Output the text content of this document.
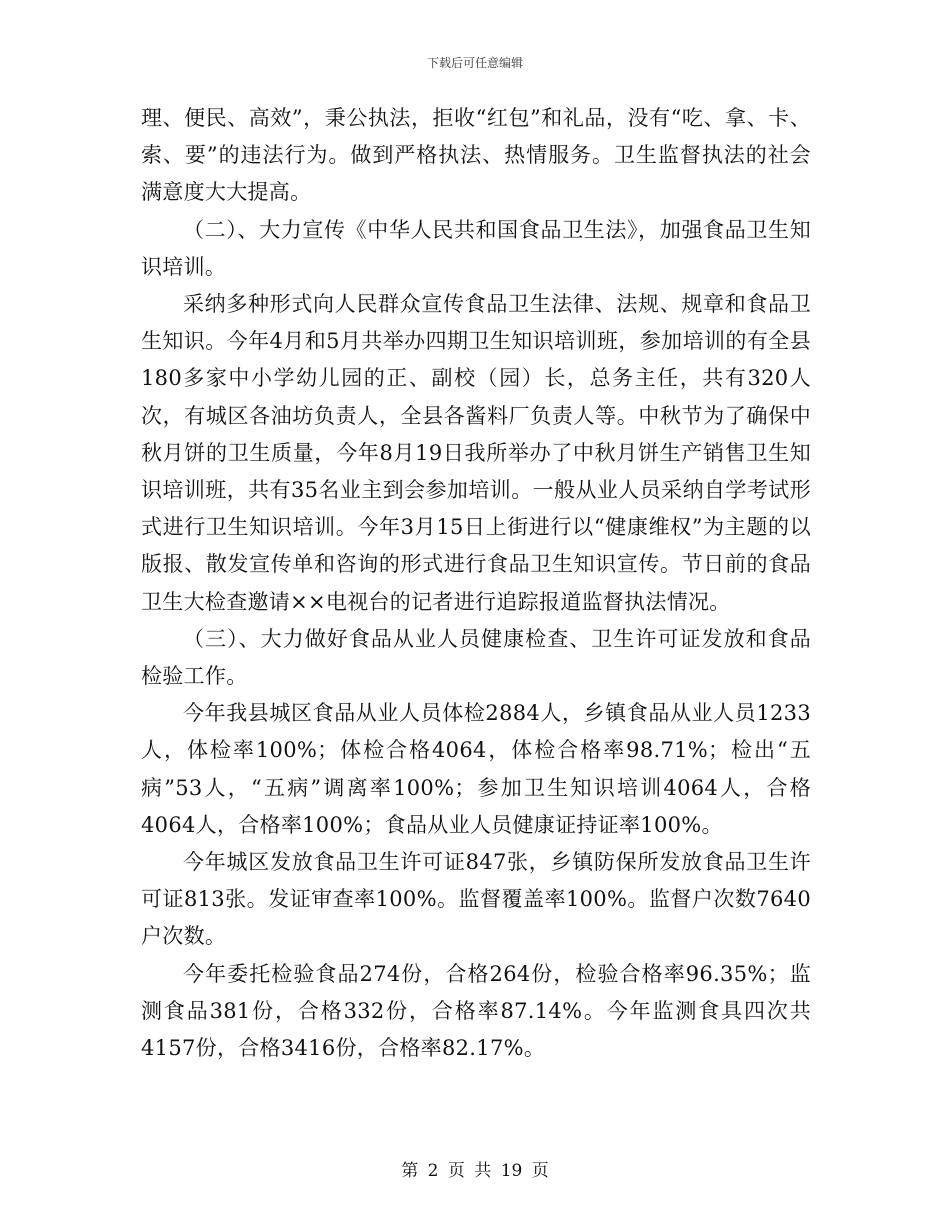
下载后可任意编辑

理、便民、高效”，秉公执法，拒收“红包”和礼品，没有“吃、拿、卡、索、要”的违法行为。做到严格执法、热情服务。卫生监督执法的社会满意度大大提高。

（二）、大力宣传《中华人民共和国食品卫生法》，加强食品卫生知识培训。

采纳多种形式向人民群众宣传食品卫生法律、法规、规章和食品卫生知识。今年4月和5月共举办四期卫生知识培训班，参加培训的有全县180多家中小学幼儿园的正、副校（园）长，总务主任，共有320人次，有城区各油坊负责人，全县各酱料厂负责人等。中秋节为了确保中秋月饼的卫生质量，今年8月19日我所举办了中秋月饼生产销售卫生知识培训班，共有35名业主到会参加培训。一般从业人员采纳自学考试形式进行卫生知识培训。今年3月15日上街进行以“健康维权”为主题的以版报、散发宣传单和咨询的形式进行食品卫生知识宣传。节日前的食品卫生大检查邀请××电视台的记者进行追踪报道监督执法情况。

（三）、大力做好食品从业人员健康检查、卫生许可证发放和食品检验工作。

今年我县城区食品从业人员体检2884人，乡镇食品从业人员1233人，体检率100%；体检合格4064，体检合格率98.71%；检出“五病”53人，“五病”调离率100%；参加卫生知识培训4064人，合格4064人，合格率100%；食品从业人员健康证持证率100%。

今年城区发放食品卫生许可证847张，乡镇防保所发放食品卫生许可证813张。发证审查率100%。监督覆盖率100%。监督户次数7640户次数。

今年委托检验食品274份，合格264份，检验合格率96.35%；监测食品381份，合格332份，合格率87.14%。今年监测食具四次共4157份，合格3416份，合格率82.17%。

第 2 页 共 19 页
